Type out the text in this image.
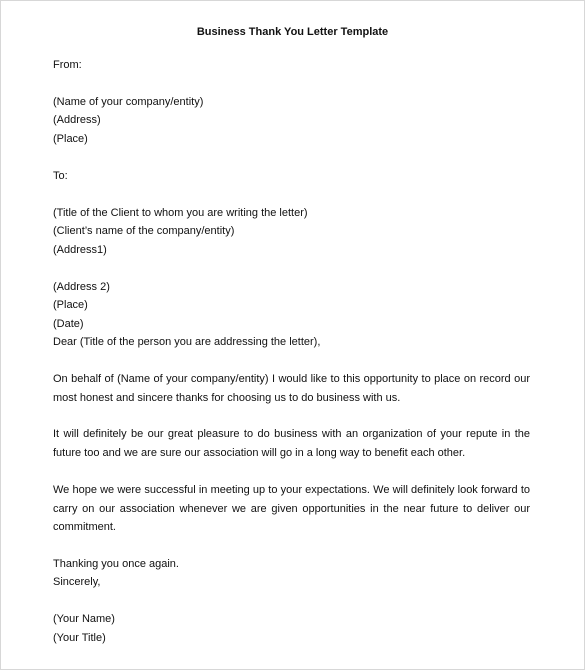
Business Thank You Letter Template
From:
(Name of your company/entity)
(Address)
(Place)
To:
(Title of the Client to whom you are writing the letter)
(Client’s name of the company/entity)
(Address1)
(Address 2)
(Place)
(Date)
Dear (Title of the person you are addressing the letter),
On behalf of (Name of your company/entity) I would like to this opportunity to place on record our most honest and sincere thanks for choosing us to do business with us.
It will definitely be our great pleasure to do business with an organization of your repute in the future too and we are sure our association will go in a long way to benefit each other.
We hope we were successful in meeting up to your expectations. We will definitely look forward to carry on our association whenever we are given opportunities in the near future to deliver our commitment.
Thanking you once again.
Sincerely,
(Your Name)
(Your Title)
